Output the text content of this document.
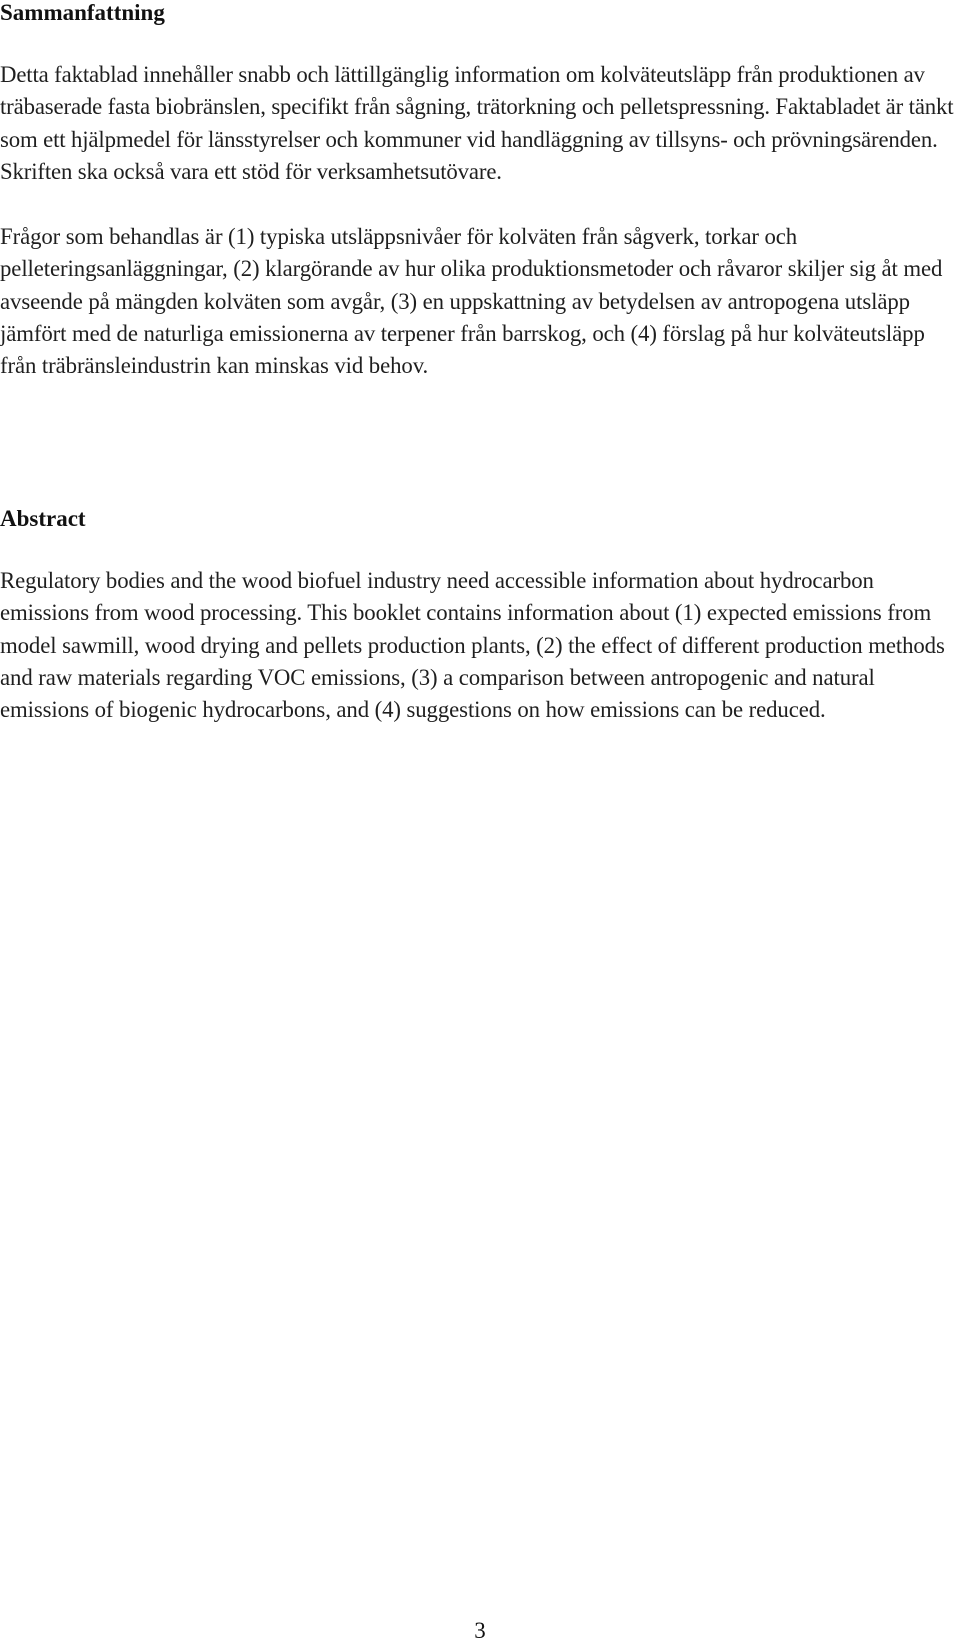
Sammanfattning

Detta faktablad innehåller snabb och lättillgänglig information om kolväteutsläpp från produktionen av träbaserade fasta biobränslen, specifikt från sågning, trätorkning och pelletspressning. Faktabladet är tänkt som ett hjälpmedel för länsstyrelser och kommuner vid handläggning av tillsyns- och prövningsärenden. Skriften ska också vara ett stöd för verksamhetsutövare.

Frågor som behandlas är (1) typiska utsläppsnivåer för kolväten från sågverk, torkar och pelleteringsanläggningar, (2) klargörande av hur olika produktionsmetoder och råvaror skiljer sig åt med avseende på mängden kolväten som avgår, (3) en uppskattning av betydelsen av antropogena utsläpp jämfört med de naturliga emissionerna av terpener från barrskog, och (4) förslag på hur kolväteutsläpp från träbränsleindustrin kan minskas vid behov.

Abstract

Regulatory bodies and the wood biofuel industry need accessible information about hydrocarbon emissions from wood processing. This booklet contains information about (1) expected emissions from model sawmill, wood drying and pellets production plants, (2) the effect of different production methods and raw materials regarding VOC emissions, (3) a comparison between antropogenic and natural emissions of biogenic hydrocarbons, and (4) suggestions on how emissions can be reduced.

3
